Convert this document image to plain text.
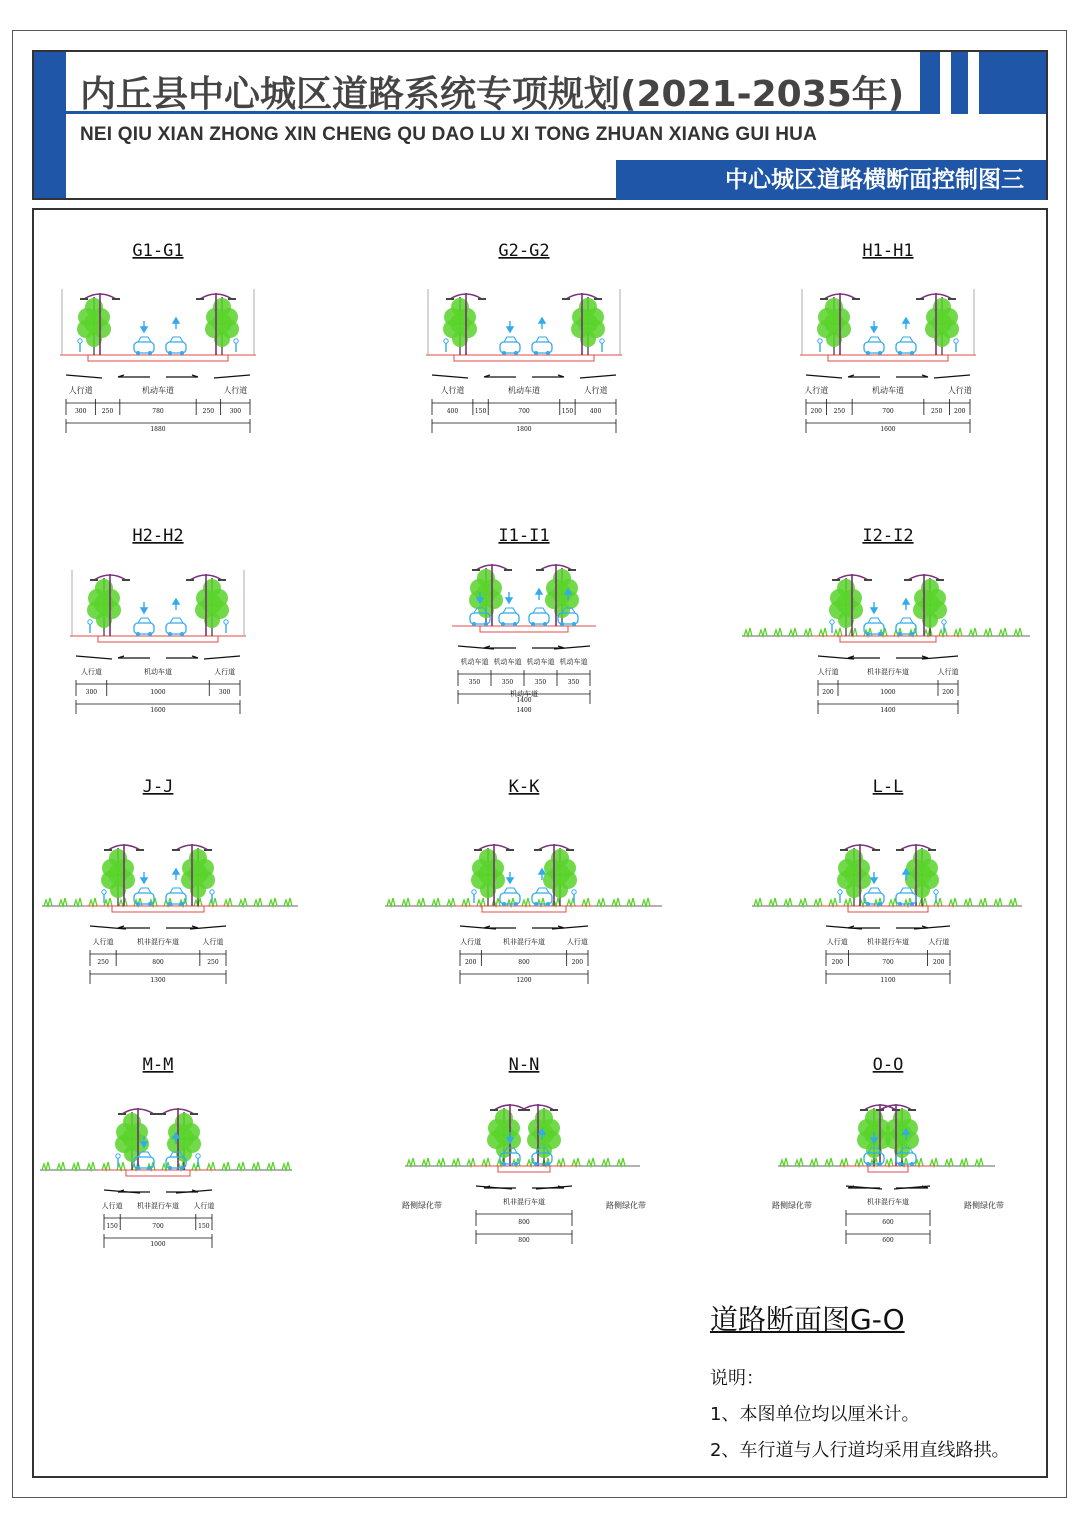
内丘县中心城区道路系统专项规划(2021-2035年)
NEI QIU XIAN ZHONG XIN CHENG QU DAO LU XI TONG ZHUAN XIANG GUI HUA
中心城区道路横断面控制图三
G1-G1
300	250	780	250	300
人行道	机动车道	人行道
1880
G2-G2
400	150	700	150	400
人行道	机动车道	人行道
1800
H1-H1
200 250	700	250 200
人行道	机动车道	人行道
1600
H2-H2
300	1000	300
人行道	机动车道	人行道
1600
I1-I1
350	350	350	350
机动车道 机动车道 机动车道 机动车道
1400
机动车道
1400
I2-I2
200	1000	200
人行道	机非混行车道	人行道
1400
J-J
250	800	250
人行道	机非混行车道	人行道
1300
K-K
200	800	200
人行道	机非混行车道	人行道
1200
L-L
200	700	200
人行道	机非混行车道	人行道
1100
M-M
150	700	150
人行道 机非混行车道 人行道
1000
N-N
800
机非混行车道
800
路侧绿化带	路侧绿化带
O-O
600
机非混行车道
600
路侧绿化带	路侧绿化带
道路断面图G-O
说明：
1、本图单位均以厘米计。
2、车行道与人行道均采用直线路拱。
